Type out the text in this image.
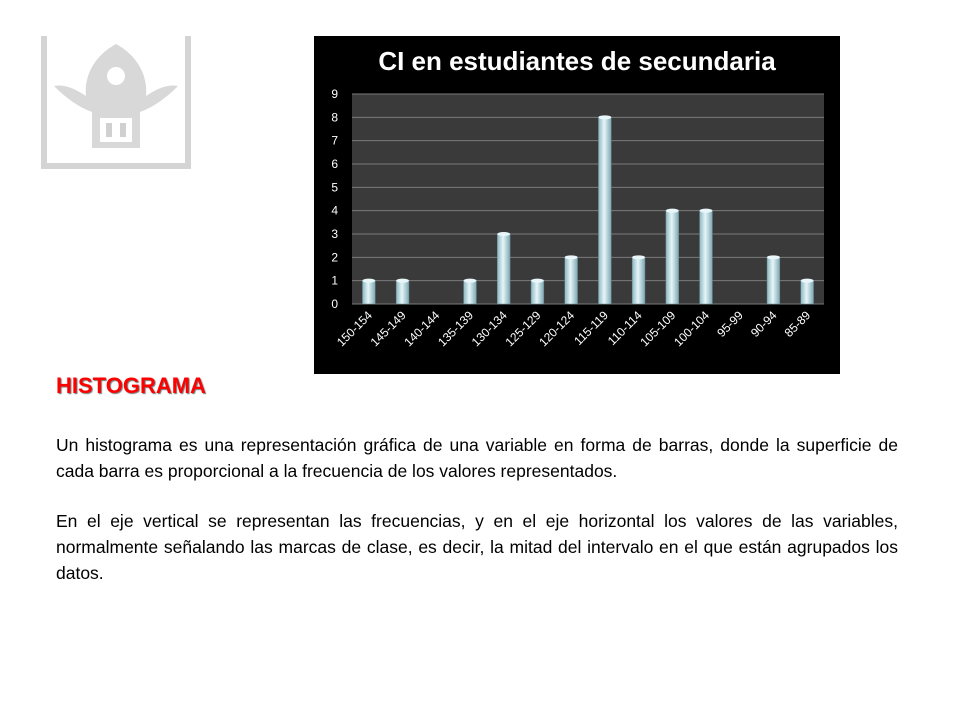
0
1
2
3
4
5
6
7
8
9
150-154
145-149
140-144
135-139
130-134
125-129
120-124
115-119
110-114
105-109
100-104 95-99 90-94 85-89
CI en estudiantes de secundaria
HISTOGRAMA

Un histograma es una representación gráfica de una variable en forma de barras, donde la superficie de cada barra es proporcional a la frecuencia de los valores representados.

En el eje vertical se representan las frecuencias, y en el eje horizontal los valores de las variables, normalmente señalando las marcas de clase, es decir, la mitad del intervalo en el que están agrupados los datos.
